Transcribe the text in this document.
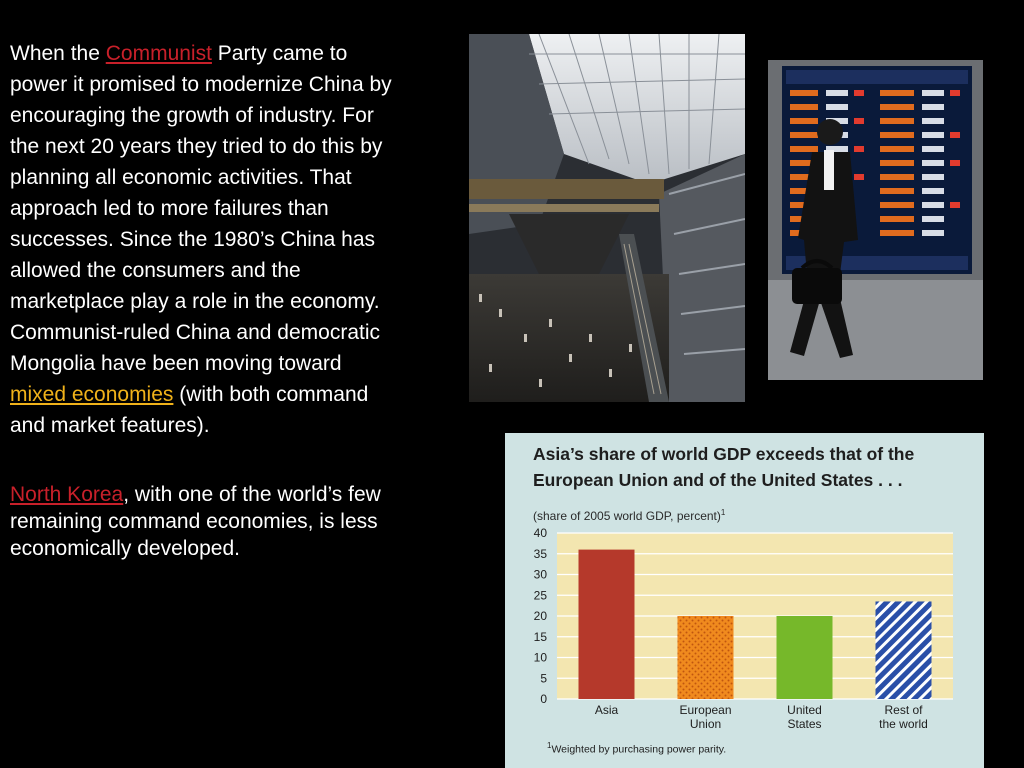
When the Communist Party came to power it promised to modernize China by encouraging the growth of industry. For the next 20 years they tried to do this by planning all economic activities. That approach led to more failures than successes. Since the 1980’s China has allowed the consumers and the marketplace play a role in the economy. Communist-ruled China and democratic Mongolia have been moving toward mixed economies (with both command and market features).

North Korea, with one of the world’s few remaining command economies, is less economically developed.

Asia’s share of world GDP exceeds that of the European Union and of the United States . . .
(share of 2005 world GDP, percent)$^1$
0
5
10
15
20
25
30
35
40
Asia	European Union
United States
Rest of the world
$^1$Weighted by purchasing power parity.
